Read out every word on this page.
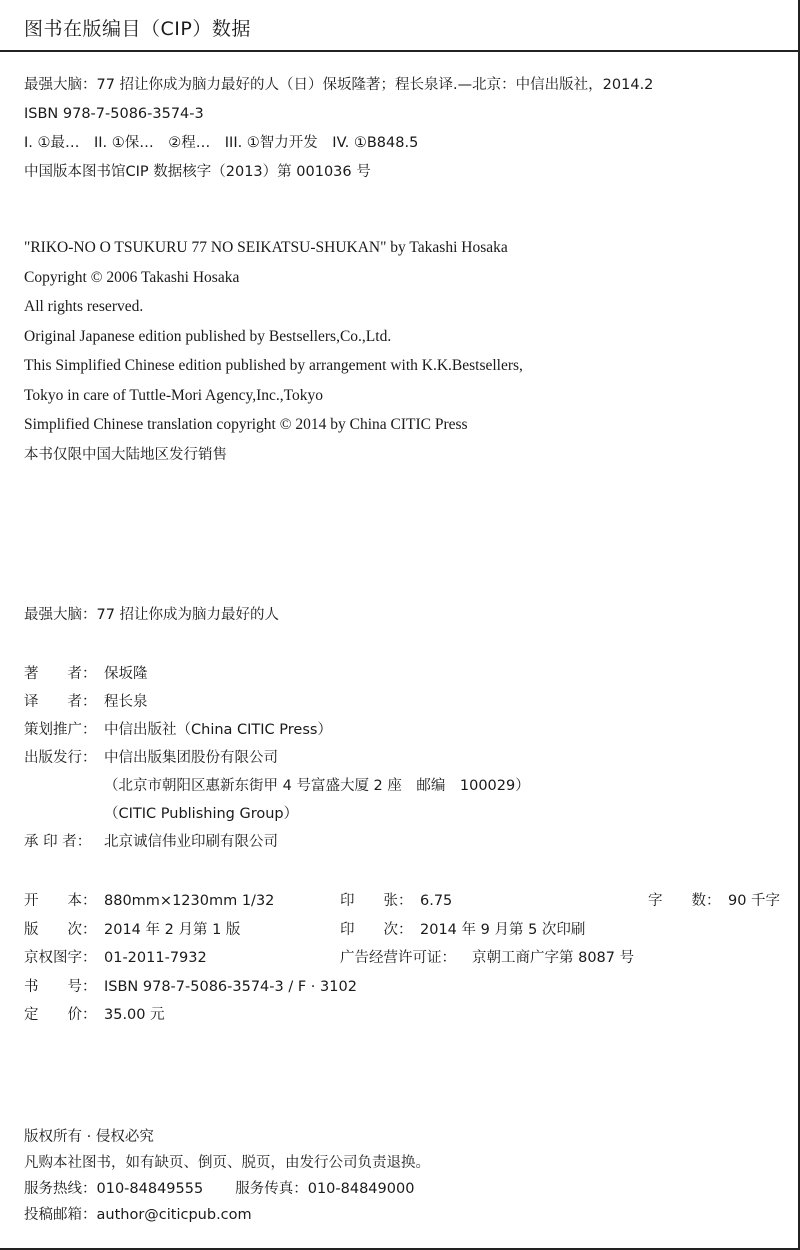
图书在版编目（CIP）数据
最强大脑：77 招让你成为脑力最好的人（日）保坂隆著；程长泉译.—北京：中信出版社，2014.2
ISBN 978-7-5086-3574-3
I. ①最…　II. ①保…　②程…　III. ①智力开发　IV. ①B848.5
中国版本图书馆CIP 数据核字（2013）第 001036 号
"RIKO-NO O TSUKURU 77 NO SEIKATSU-SHUKAN" by Takashi Hosaka
Copyright © 2006 Takashi Hosaka
All rights reserved.
Original Japanese edition published by Bestsellers,Co.,Ltd.
This Simplified Chinese edition published by arrangement with K.K.Bestsellers,
Tokyo in care of Tuttle-Mori Agency,Inc.,Tokyo
Simplified Chinese translation copyright © 2014 by China CITIC Press
本书仅限中国大陆地区发行销售
最强大脑：77 招让你成为脑力最好的人
著　　者： 保坂隆
译　　者： 程长泉
策划推广： 中信出版社（China CITIC Press）
出版发行： 中信出版集团股份有限公司
（北京市朝阳区惠新东街甲 4 号富盛大厦 2 座　邮编　100029）
（CITIC Publishing Group）
承 印 者： 北京诚信伟业印刷有限公司
开　　本： 880mm×1230mm 1/32	印　　张： 6.75	字　　数： 90 千字
版　　次： 2014 年 2 月第 1 版	印　　次： 2014 年 9 月第 5 次印刷
京权图字： 01-2011-7932	广告经营许可证： 京朝工商广字第 8087 号
书　　号： ISBN 978-7-5086-3574-3 / F · 3102
定　　价： 35.00 元
版权所有 · 侵权必究
凡购本社图书，如有缺页、倒页、脱页，由发行公司负责退换。
服务热线：010-84849555 服务传真：010-84849000
投稿邮箱：author@citicpub.com
